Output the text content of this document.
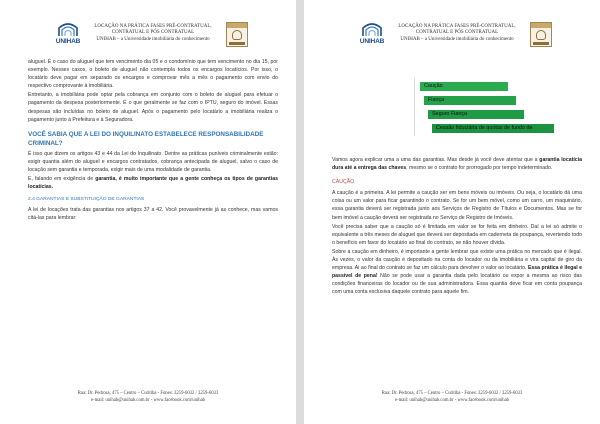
UNIHAB
LOCAÇÃO NA PRÁTICA FASES PRÉ-CONTRATUAL,
CONTRATUAL E PÓS CONTRATUAL
UNIHAB – a Universidade imobiliária do conhecimento

aluguel. É o caso do aluguel que tem vencimento dia 05 e o condomínio que tem vencimento no dia 15, por exemplo. Nesses casos, o boleto de aluguel não contempla todos os encargos locatícios. Por isso, o locatário deve pagar em separado os encargos e comprovar mês a mês o pagamento com envio do respectivo comprovante à imobiliária.

Entretanto, a imobiliária pode optar pela cobrança em conjunto com o boleto de aluguel para efetuar o pagamento da despesa posteriormente. É o que geralmente se faz com o IPTU, seguro do imóvel. Essas despesas são incluídas no boleto de aluguel. Após o pagamento pelo locatário a imobiliária realiza o pagamento junto à Prefeitura e à Seguradora.

VOCÊ SABIA QUE A LEI DO INQUILINATO ESTABELECE RESPONSABILIDADE CRIMINAL?

É isso que dizem os artigos 43 e 44 da Lei do Inquilinato. Dentre as práticas puníveis criminalmente estão: exigir quantia além do aluguel e encargos contratados, cobrança antecipada de aluguel, salvo o caso de locação sem garantia e temporada, exigir mais de uma modalidade de garantia.

E, falando em exigência de garantia, é muito importante que a gente conheça os tipos de garantias locatícias.

2.4 GARANTIAS E SUBSTITUIÇÃO DE GARANTIAS

A lei de locações trata das garantias nos artigos 37 a 42. Você provavelmente já as conhece, mas vamos citá-las para lembrar:

Rua: Dr. Pedrosa, 475 – Centro – Curitiba - Fones: 3259-6032 / 3259-6033
e-mail: unihab@unihab.com.br - www.facebook.com/unihab
UNIHAB
LOCAÇÃO NA PRÁTICA FASES PRÉ-CONTRATUAL,
CONTRATUAL E PÓS CONTRATUAL
UNIHAB – a Universidade imobiliária do conhecimento
Caução
Fiança
Seguro Fiança
Cessão fiduciária de quotas de fundo de

Vamos agora explicar uma a uma das garantias. Mas desde já você deve atentar que a garantia locatícia dura até a entrega das chaves, mesmo se o contrato for prorrogado por tempo indeterminado.

CAUÇÃO

A caução é a primeira. A lei permite a caução ser em bens móveis ou imóveis. Ou seja, o locatário dá uma coisa ou um valor para ficar garantindo o contrato. Se for um bem móvel, como um carro, um maquinário, essa garantia deverá ser registrada junto aos Serviços de Registro de Títulos e Documentos. Mas se for bem imóvel a caução deverá ser registrada no Serviço de Registro de Imóveis.

Você precisa saber que a caução só é limitada em valor se for feita em dinheiro. Daí a lei só admite o equivalente a três meses de aluguel que deverá ser depositada em caderneta de poupança, revertendo todo o benefício em favor do locatário ao final do contrato, se não houver dívida.

Sobre a caução em dinheiro, é importante a gente lembrar que existe uma prática no mercado que é ilegal. Às vezes, o valor da caução é depositado na conta do locador ou da imobiliária e vira capital de giro da empresa. Ai ao final do contrato se faz um cálculo para devolver o valor ao locatário. Essa prática é ilegal e passível de pena! Não se pode usar a garantia dada pelo locatário ou expor a mesma ao risco das condições financeiras do locador ou de sua administradora. Essa quantia deve ficar em conta poupança com uma conta exclusiva daquele contrato para aquele fim.

Rua: Dr. Pedrosa, 475 – Centro – Curitiba - Fones: 3259-6032 / 3259-6033
e-mail: unihab@unihab.com.br - www.facebook.com/unihab
